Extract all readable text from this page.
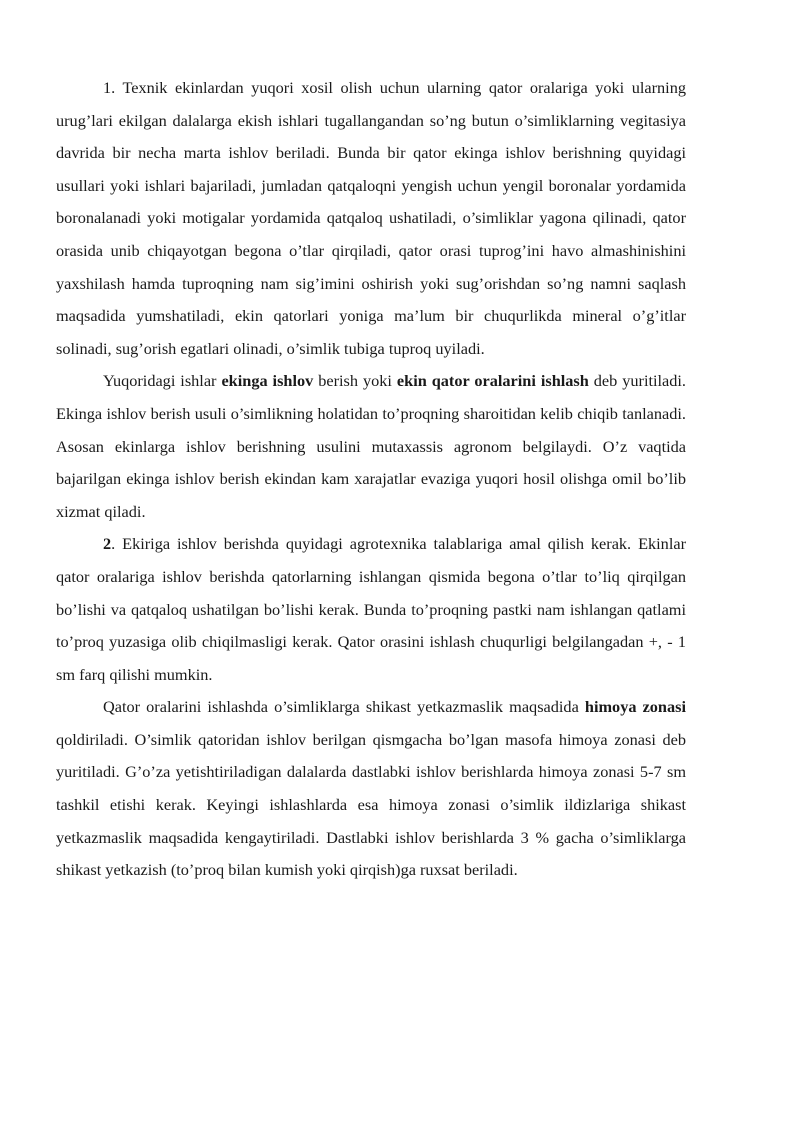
1. Texnik ekinlardan yuqori xosil olish uchun ularning qator oralariga yoki ularning urug’lari ekilgan dalalarga ekish ishlari tugallangandan so’ng butun o’simliklarning vegitasiya davrida bir necha marta ishlov beriladi. Bunda bir qator ekinga ishlov berishning quyidagi usullari yoki ishlari bajariladi, jumladan qatqaloqni yengish uchun yengil boronalar yordamida boronalanadi yoki motigalar yordamida qatqaloq ushatiladi, o’simliklar yagona qilinadi, qator orasida unib chiqayotgan begona o’tlar qirqiladi, qator orasi tuprog’ini havo almashinishini yaxshilash hamda tuproqning nam sig’imini oshirish yoki sug’orishdan so’ng namni saqlash maqsadida yumshatiladi, ekin qatorlari yoniga ma’lum bir chuqurlikda mineral o’g’itlar solinadi, sug’orish egatlari olinadi, o’simlik tubiga tuproq uyiladi.

Yuqoridagi ishlar ekinga ishlov berish yoki ekin qator oralarini ishlash deb yuritiladi. Ekinga ishlov berish usuli o’simlikning holatidan to’proqning sharoitidan kelib chiqib tanlanadi. Asosan ekinlarga ishlov berishning usulini mutaxassis agronom belgilaydi. O’z vaqtida bajarilgan ekinga ishlov berish ekindan kam xarajatlar evaziga yuqori hosil olishga omil bo’lib xizmat qiladi.

2. Ekiriga ishlov berishda quyidagi agrotexnika talablariga amal qilish kerak. Ekinlar qator oralariga ishlov berishda qatorlarning ishlangan qismida begona o’tlar to’liq qirqilgan bo’lishi va qatqaloq ushatilgan bo’lishi kerak. Bunda to’proqning pastki nam ishlangan qatlami to’proq yuzasiga olib chiqilmasligi kerak. Qator orasini ishlash chuqurligi belgilangadan +, - 1 sm farq qilishi mumkin.

Qator oralarini ishlashda o’simliklarga shikast yetkazmaslik maqsadida himoya zonasi qoldiriladi. O’simlik qatoridan ishlov berilgan qismgacha bo’lgan masofa himoya zonasi deb yuritiladi. G’o’za yetishtiriladigan dalalarda dastlabki ishlov berishlarda himoya zonasi 5-7 sm tashkil etishi kerak. Keyingi ishlashlarda esa himoya zonasi o’simlik ildizlariga shikast yetkazmaslik maqsadida kengaytiriladi. Dastlabki ishlov berishlarda 3 % gacha o’simliklarga shikast yetkazish (to’proq bilan kumish yoki qirqish)ga ruxsat beriladi.
